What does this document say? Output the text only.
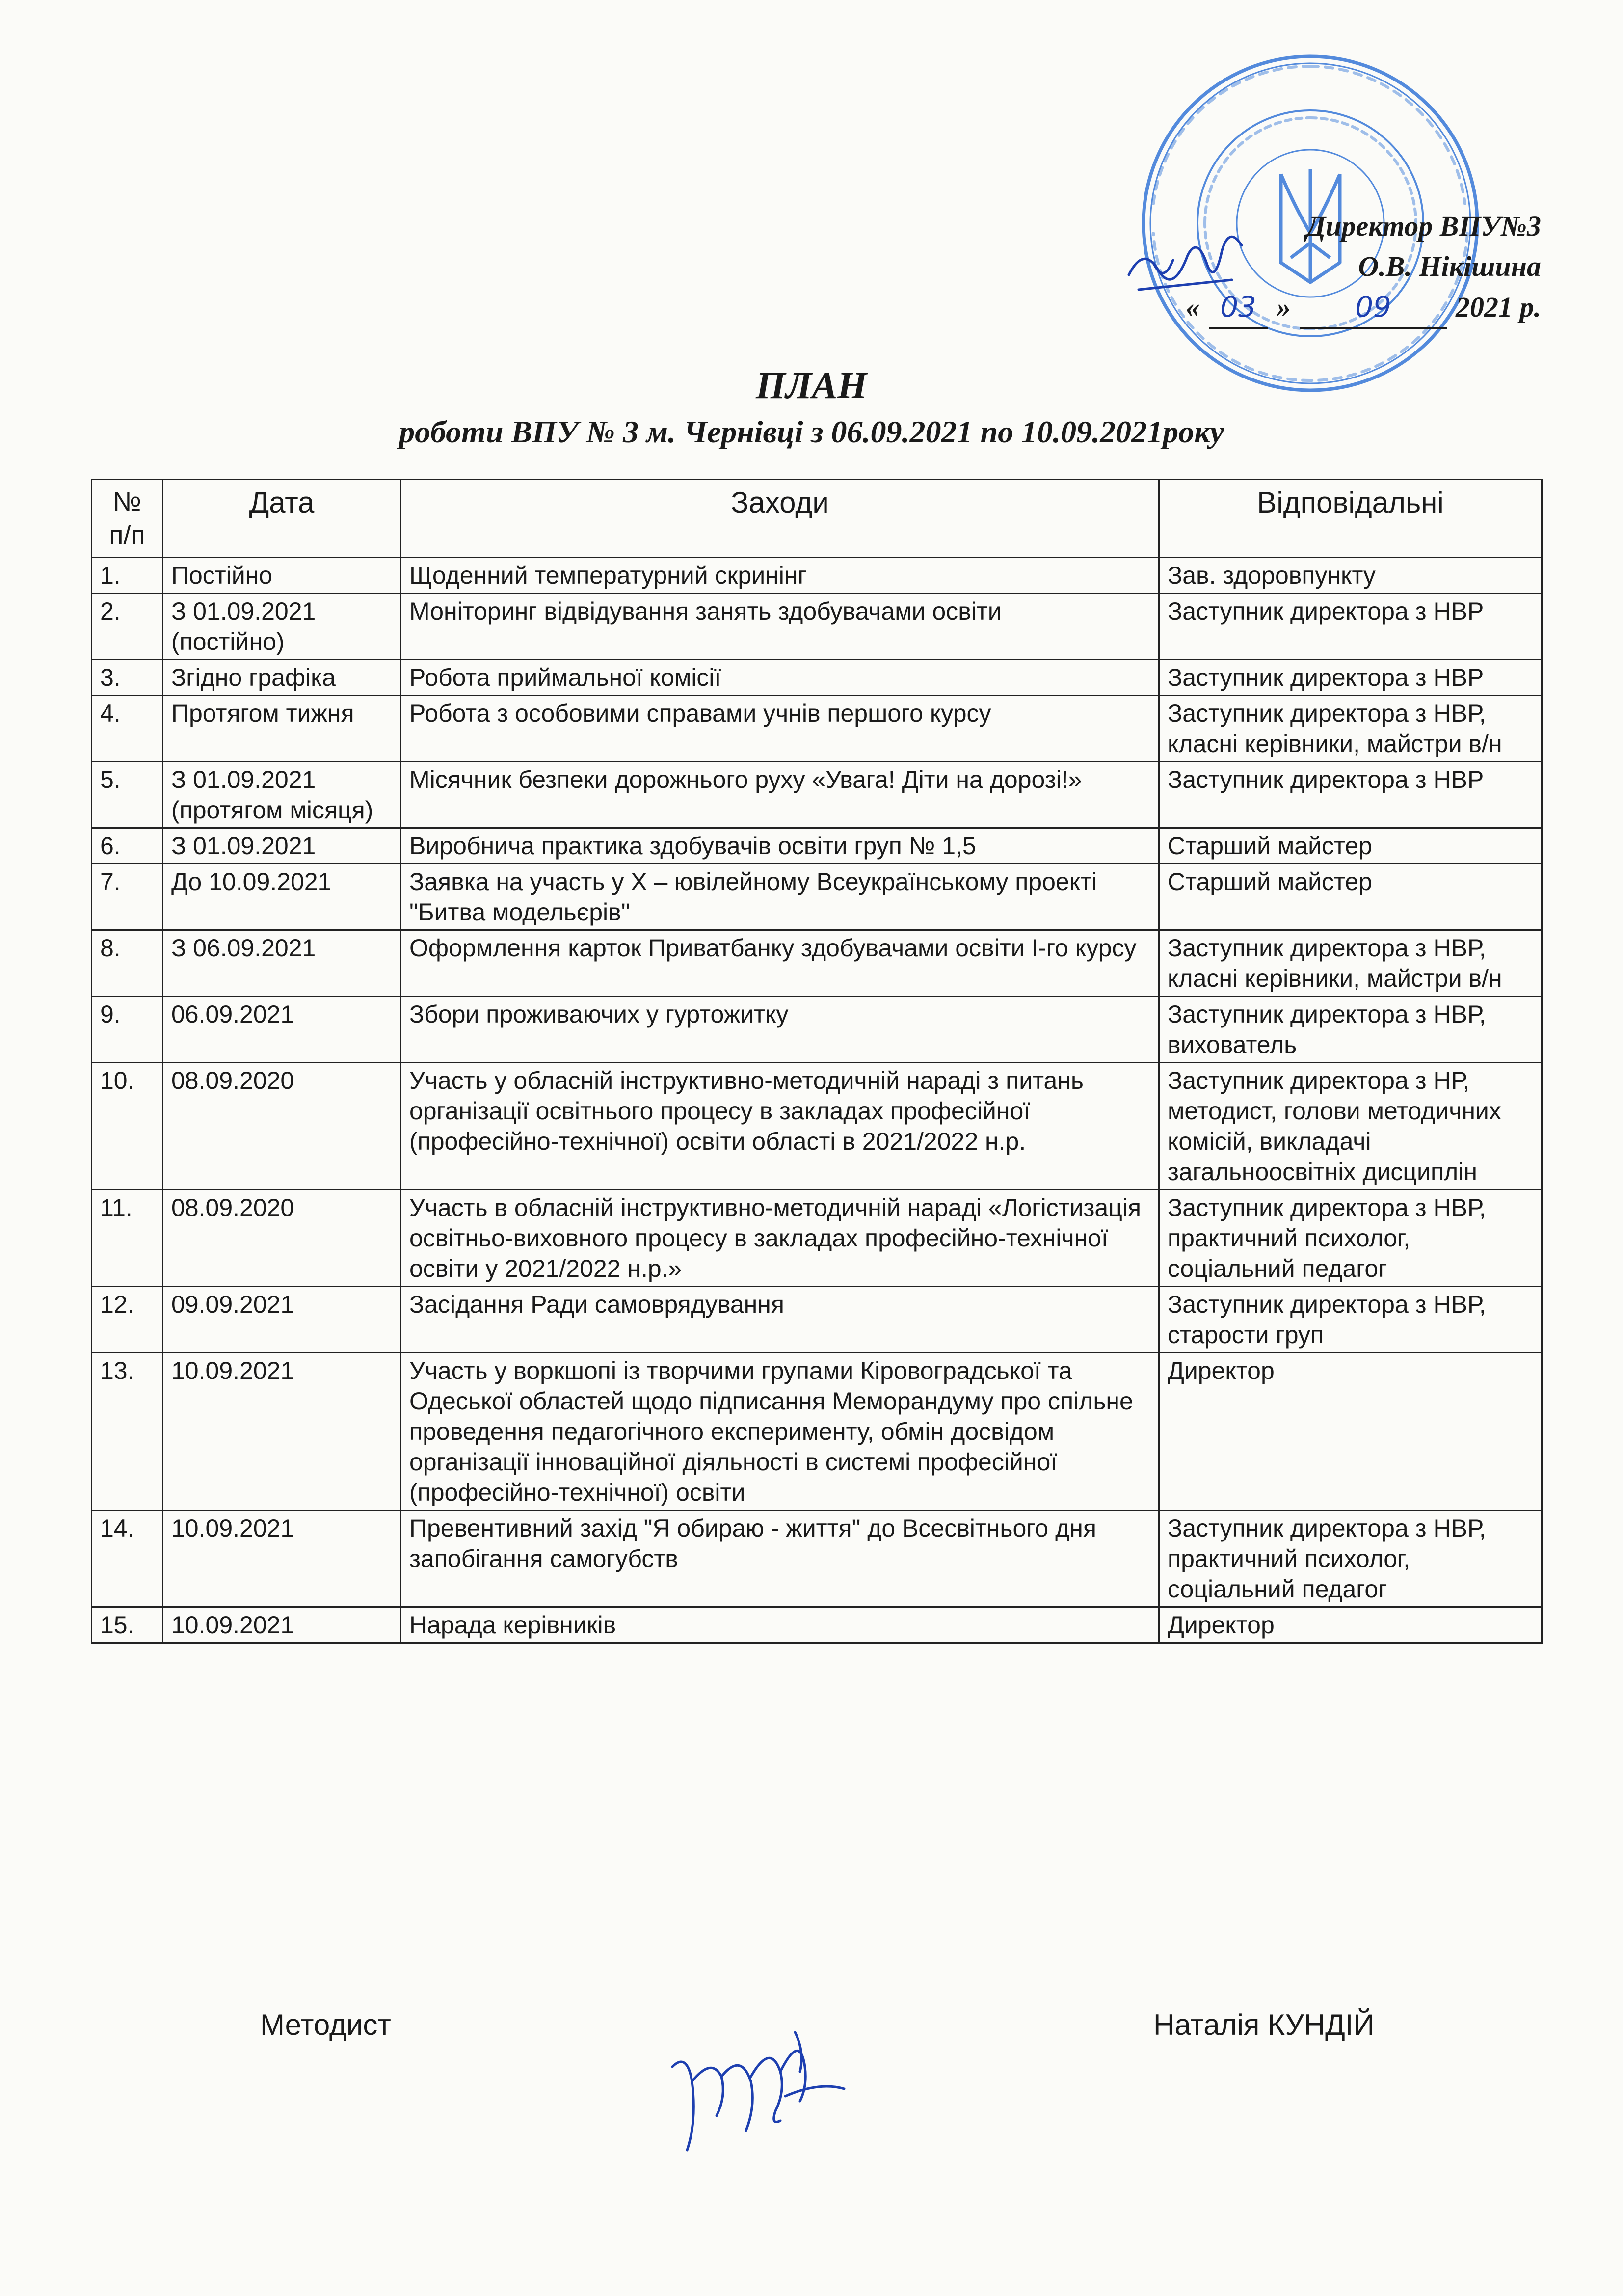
Директор ВПУ№3
О.В. Нікішина
« 03 »	09	2021 р.
ПЛАН
роботи ВПУ № 3 м. Чернівці з 06.09.2021 по 10.09.2021року
№ п/п	Дата	Заходи	Відповідальні
1.	Постійно	Щоденний температурний скринінг	Зав. здоровпункту
2.	З 01.09.2021 (постійно)	Моніторинг відвідування занять здобувачами освіти	Заступник директора з НВР
3.	Згідно графіка	Робота приймальної комісії	Заступник директора з НВР
4.	Протягом тижня	Робота з особовими справами учнів першого курсу	Заступник директора з НВР, класні керівники, майстри в/н
5.	З 01.09.2021 (протягом місяця)	Місячник безпеки дорожнього руху «Увага! Діти на дорозі!»	Заступник директора з НВР
6.	З 01.09.2021	Виробнича практика здобувачів освіти груп № 1,5	Старший майстер
7.	До 10.09.2021	Заявка на участь у Х – ювілейному Всеукраїнському проекті "Битва модельєрів"	Старший майстер
8.	З 06.09.2021	Оформлення карток Приватбанку здобувачами освіти І-го курсу	Заступник директора з НВР, класні керівники, майстри в/н
9.	06.09.2021	Збори проживаючих у гуртожитку	Заступник директора з НВР, вихователь
10.	08.09.2020	Участь у обласній інструктивно-методичній нараді з питань організації освітнього процесу в закладах професійної (професійно-технічної) освіти області в 2021/2022 н.р.	Заступник директора з НР, методист, голови методичних комісій, викладачі загальноосвітніх дисциплін
11.	08.09.2020	Участь в обласній інструктивно-методичній нараді «Логістизація освітньо-виховного процесу в закладах професійно-технічної освіти у 2021/2022 н.р.»	Заступник директора з НВР, практичний психолог, соціальний педагог
12.	09.09.2021	Засідання Ради самоврядування	Заступник директора з НВР, старости груп
13.	10.09.2021	Участь у воркшопі із творчими групами Кіровоградської та Одеської областей щодо підписання Меморандуму про спільне проведення педагогічного експерименту, обмін досвідом організації інноваційної діяльності в системі професійної (професійно-технічної) освіти	Директор
14.	10.09.2021	Превентивний захід "Я обираю - життя" до Всесвітнього дня запобігання самогубств	Заступник директора з НВР, практичний психолог, соціальний педагог
15.	10.09.2021	Нарада керівників	Директор
Методист	Наталія КУНДІЙ
